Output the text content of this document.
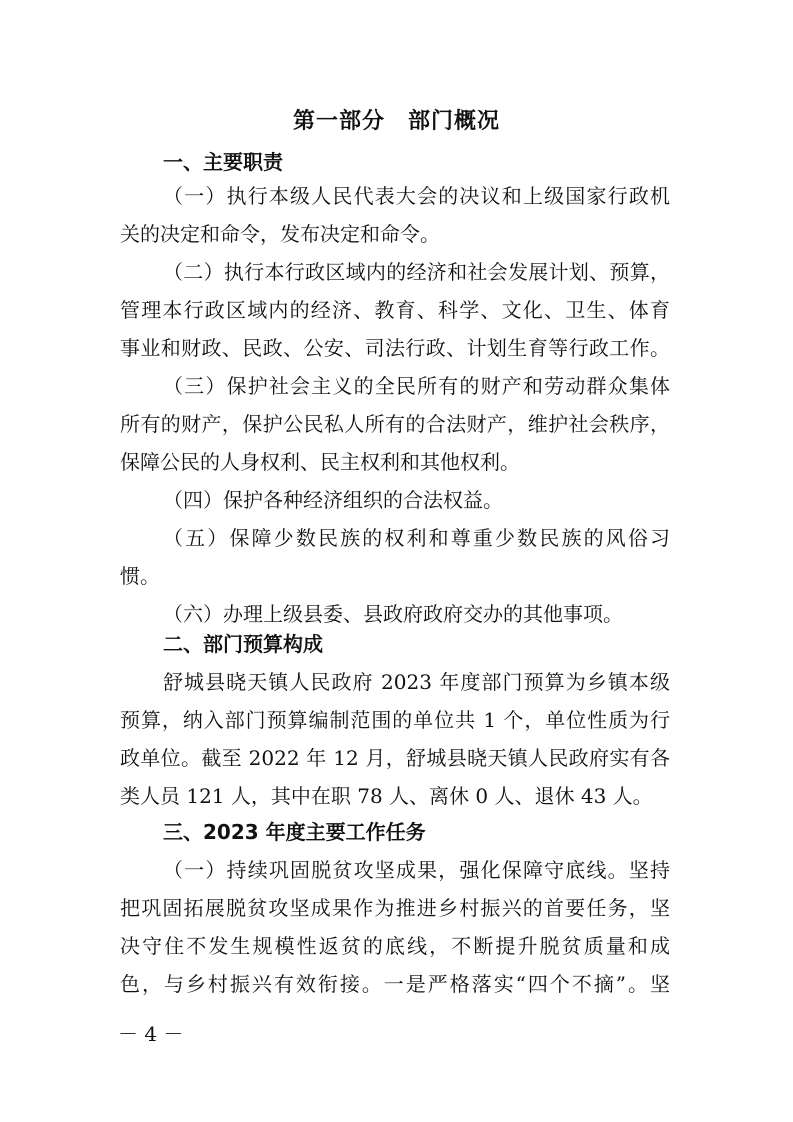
第一部分　部门概况
一、主要职责
（一）执行本级人民代表大会的决议和上级国家行政机
关的决定和命令，发布决定和命令。
（二）执行本行政区域内的经济和社会发展计划、预算，
管理本行政区域内的经济、教育、科学、文化、卫生、体育
事业和财政、民政、公安、司法行政、计划生育等行政工作。
（三）保护社会主义的全民所有的财产和劳动群众集体
所有的财产，保护公民私人所有的合法财产，维护社会秩序，
保障公民的人身权利、民主权利和其他权利。
（四）保护各种经济组织的合法权益。
（五）保障少数民族的权利和尊重少数民族的风俗习
惯。
（六）办理上级县委、县政府政府交办的其他事项。
二、部门预算构成
舒城县晓天镇人民政府 2023 年度部门预算为乡镇本级
预算，纳入部门预算编制范围的单位共 1 个，单位性质为行
政单位。截至 2022 年 12 月，舒城县晓天镇人民政府实有各
类人员 121 人，其中在职 78 人、离休 0 人、退休 43 人。
三、2023 年度主要工作任务
（一）持续巩固脱贫攻坚成果，强化保障守底线。坚持
把巩固拓展脱贫攻坚成果作为推进乡村振兴的首要任务，坚
决守住不发生规模性返贫的底线，不断提升脱贫质量和成
色，与乡村振兴有效衔接。一是严格落实“四个不摘”。坚
－ 4 －
